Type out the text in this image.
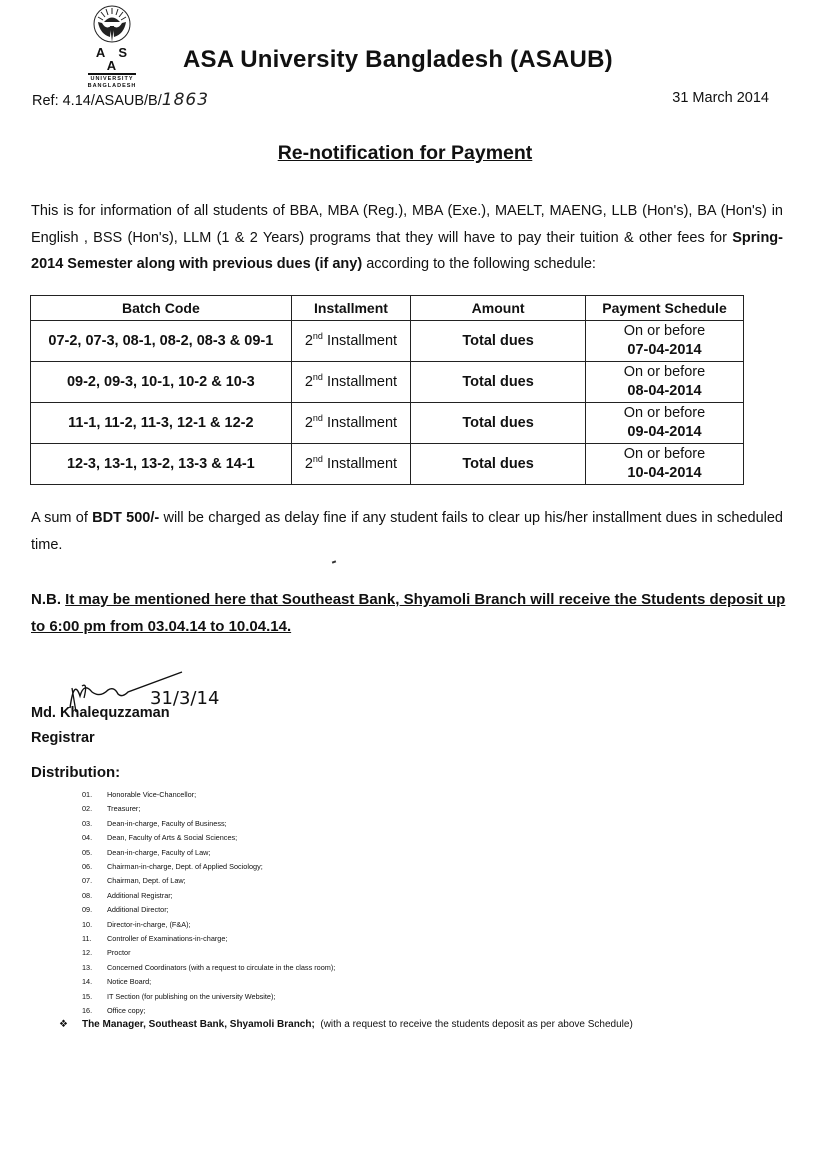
A S A
UNIVERSITY
BANGLADESH
ASA University Bangladesh (ASAUB)
Ref: 4.14/ASAUB/B/1863	31 March 2014
Re-notification for Payment
This is for information of all students of BBA, MBA (Reg.), MBA (Exe.), MAELT, MAENG, LLB (Hon's), BA (Hon's) in English , BSS (Hon's), LLM (1 & 2 Years) programs that they will have to pay their tuition & other fees for Spring-2014 Semester along with previous dues (if any) according to the following schedule:
Batch Code	Installment	Amount	Payment Schedule
07-2, 07-3, 08-1, 08-2, 08-3 & 09-1	2nd Installment	Total dues	On or before
07-04-2014

09-2, 09-3, 10-1, 10-2 & 10-3	2nd Installment	Total dues	On or before
08-04-2014

11-1, 11-2, 11-3, 12-1 & 12-2	2nd Installment	Total dues	On or before
09-04-2014

12-3, 13-1, 13-2, 13-3 & 14-1	2nd Installment	Total dues	On or before
10-04-2014
A sum of BDT 500/- will be charged as delay fine if any student fails to clear up his/her installment dues in scheduled time.
N.B. It may be mentioned here that Southeast Bank, Shyamoli Branch will receive the Students deposit up to 6:00 pm from 03.04.14 to 10.04.14.
31/3/14
Md. Khalequzzaman
Registrar
Distribution:
01.	Honorable Vice-Chancellor;
02.	Treasurer;
03.	Dean-in-charge, Faculty of Business;
04.	Dean, Faculty of Arts & Social Sciences;
05.	Dean-in-charge, Faculty of Law;
06.	Chairman-in-charge, Dept. of Applied Sociology;
07.	Chairman, Dept. of Law;
08.	Additional Registrar;
09.	Additional Director;
10.	Director-in-charge, (F&A);
11.	Controller of Examinations-in-charge;
12.	Proctor
13.	Concerned Coordinators (with a request to circulate in the class room);
14.	Notice Board;
15.	IT Section (for publishing on the university Website);
16.	Office copy;
❖ The Manager, Southeast Bank, Shyamoli Branch;  (with a request to receive the students deposit as per above Schedule)
